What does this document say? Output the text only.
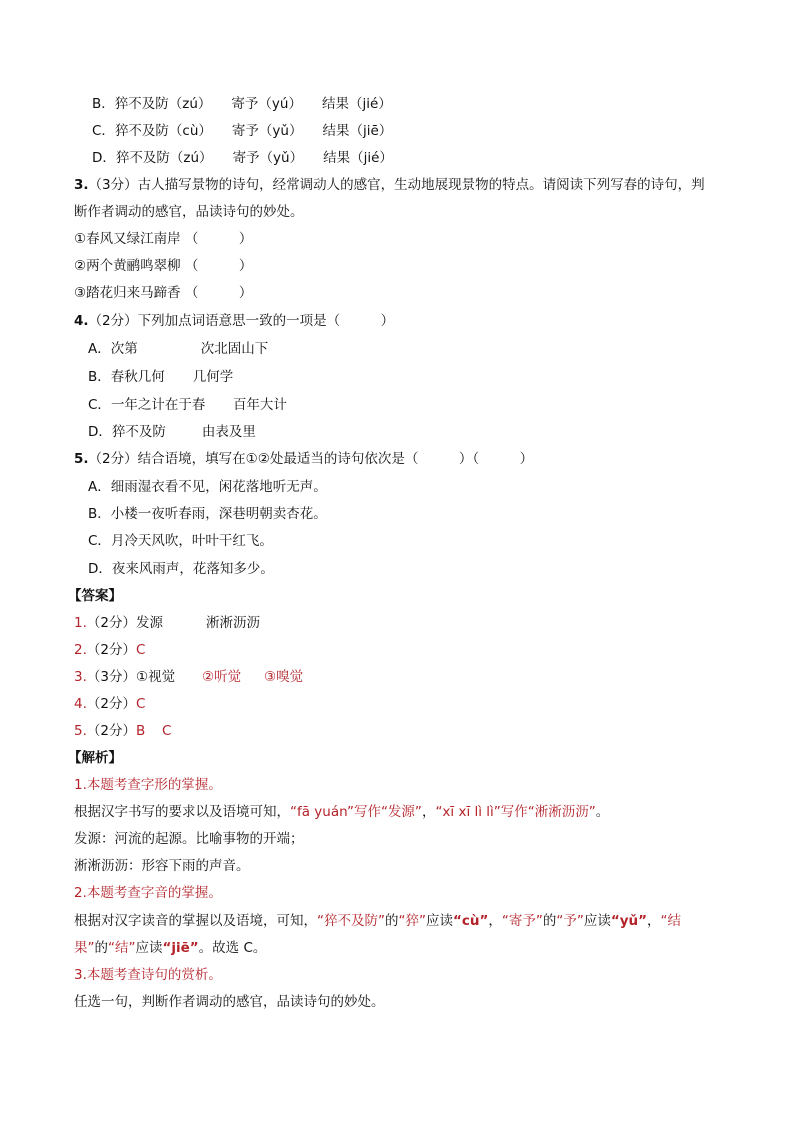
B．猝不及防（zú） 寄予（yú） 结果（jié）
C．猝不及防（cù） 寄予（yǔ） 结果（jiē）
D．猝不及防（zú） 寄予（yǔ） 结果（jié）
3.（3分）古人描写景物的诗句，经常调动人的感官，生动地展现景物的特点。请阅读下列写春的诗句，判
断作者调动的感官，品读诗句的妙处。
①春风又绿江南岸 （　　　）
②两个黄鹂鸣翠柳 （　　　）
③踏花归来马蹄香 （　　　）
4.（2分）下列加点词语意思一致的一项是（　　　）
A．次第	次北固山下
B．春秋几何 几何学
C．一年之计在于春 百年大计
D．猝不及防	由表及里
5.（2分）结合语境，填写在①②处最适当的诗句依次是（　　　）（　　　）
A．细雨湿衣看不见，闲花落地听无声。
B．小楼一夜听春雨，深巷明朝卖杏花。
C．月冷天风吹，叶叶干红飞。
D．夜来风雨声，花落知多少。
【答案】
1.（2分）发源	淅淅沥沥
2.（2分）C
3.（3分）①视觉 ②听觉 ③嗅觉
4.（2分）C
5.（2分）B C
【解析】
1.本题考查字形的掌握。
根据汉字书写的要求以及语境可知，“fā yuán”写作“发源”，“xī xī lì lì”写作“淅淅沥沥”。
发源：河流的起源。比喻事物的开端；
淅淅沥沥：形容下雨的声音。
2.本题考查字音的掌握。
根据对汉字读音的掌握以及语境，可知，“猝不及防”的“猝”应读“cù”，“寄予”的“予”应读“yǔ”，“结
果”的“结”应读“jiē”。故选 C。
3.本题考查诗句的赏析。
任选一句，判断作者调动的感官，品读诗句的妙处。
